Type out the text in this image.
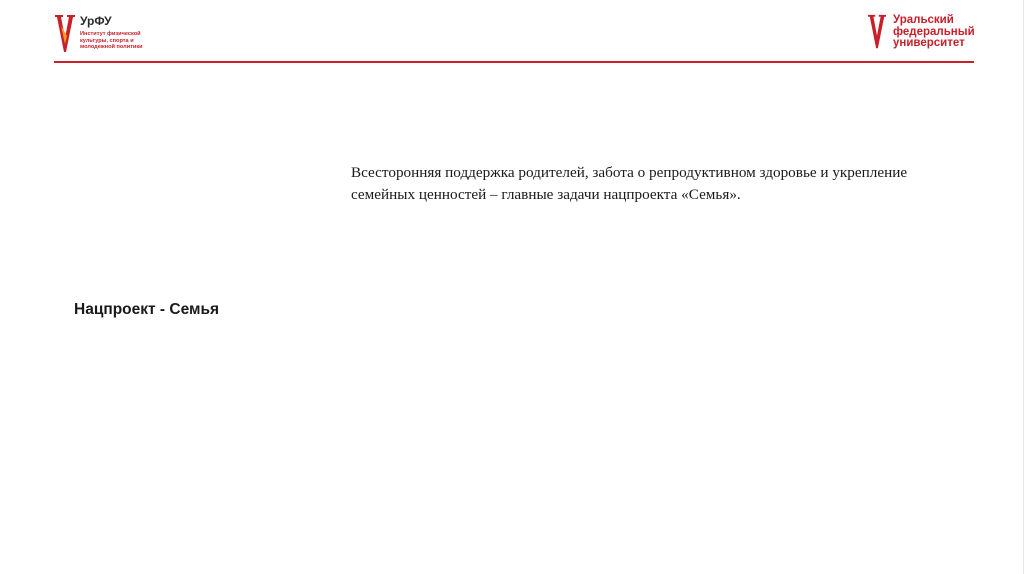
УрФУ
Институт физической культуры, спорта и молодежной политики
Уральский федеральный университет
Всесторонняя поддержка родителей, забота о репродуктивном здоровье и укрепление семейных ценностей – главные задачи нацпроекта «Семья».
Нацпроект - Семья
